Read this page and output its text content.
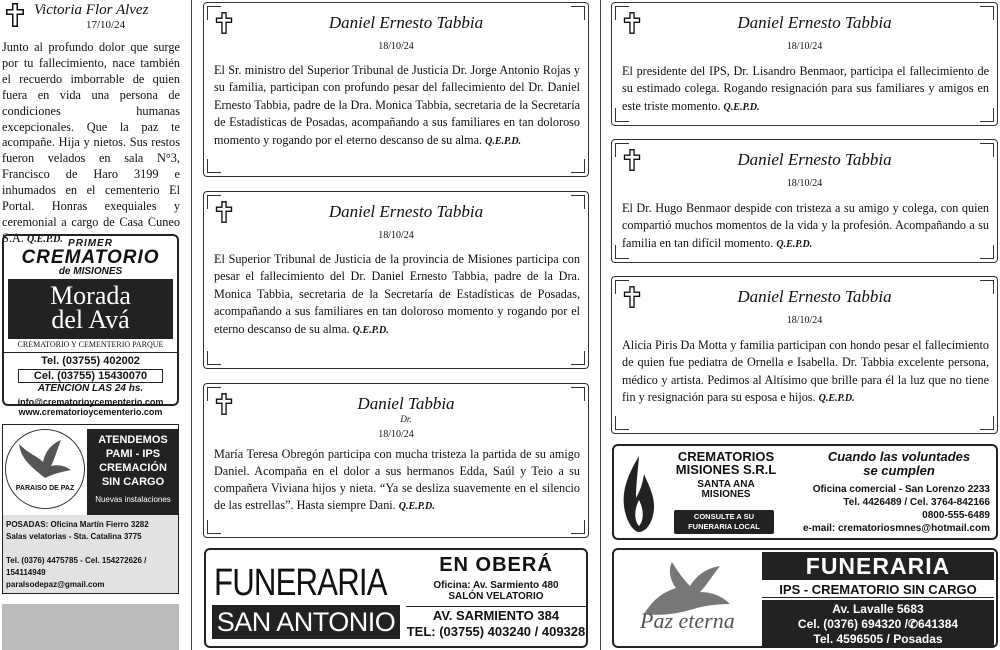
Victoria Flor Alvez
17/10/24
Junto al profundo dolor que surge por tu fallecimiento, nace también el recuerdo imborrable de quien fuera en vida una persona de condiciones humanas excepcionales. Que la paz te acompañe. Hija y nietos. Sus restos fueron velados en sala N°3, Francisco de Haro 3199 e inhumados en el cementerio El Portal. Honras exequiales y ceremonial a cargo de Casa Cuneo S.A. Q.E.P.D. PRIMER
CREMATORIO
de MISIONES
Morada
del Avá
CREMATORIO Y CEMENTERIO PARQUE
Tel. (03755) 402002
Cel. (03755) 15430070
ATENCIÓN LAS 24 hs.
info@crematorioycementerio.com
www.crematorioycementerio.com
PARAISO DE PAZ
ATENDEMOS
PAMI - IPS
CREMACIÓN
SIN CARGO
Nuevas instalaciones
POSADAS: Oficina Martín Fierro 3282
Salas velatorias - Sta. Catalina 3775
Tel. (0376) 4475785 - Cel. 154272626 / 154114949
paralsodepaz@gmail.com
Daniel Ernesto Tabbia
18/10/24
El Sr. ministro del Superior Tribunal de Justicia Dr. Jorge Antonio Rojas y su familia, participan con profundo pesar del fallecimiento del Dr. Daniel Ernesto Tabbia, padre de la Dra. Monica Tabbia, secretaria de la Secretaría de Estadísticas de Posadas, acompañando a sus familiares en tan doloroso momento y rogando por el eterno descanso de su alma. Q.E.P.D.
Daniel Ernesto Tabbia
18/10/24
El Superior Tribunal de Justicia de la provincia de Misiones participa con pesar el fallecimiento del Dr. Daniel Ernesto Tabbia, padre de la Dra. Monica Tabbia, secretaria de la Secretaría de Estadísticas de Posadas, acompañando a sus familiares en tan doloroso momento y rogando por el eterno descanso de su alma. Q.E.P.D.
Daniel Tabbia
Dr.
18/10/24
María Teresa Obregón participa con mucha tristeza la partida de su amigo Daniel. Acompaña en el dolor a sus hermanos Edda, Saúl y Teio a su compañera Viviana hijos y nieta. “Ya se desliza suavemente en el silencio de las estrellas”. Hasta siempre Dani. Q.E.P.D.
FUNERARIA
SAN ANTONIO
EN OBERÁ
Oficina: Av. Sarmiento 480
SALÓN VELATORIO
AV. SARMIENTO 384
TEL: (03755) 403240 / 409328
Daniel Ernesto Tabbia
18/10/24
El presidente del IPS, Dr. Lisandro Benmaor, participa el fallecimiento de su estimado colega. Rogando resignación para sus familiares y amigos en este triste momento. Q.E.P.D.
Daniel Ernesto Tabbia
18/10/24
El Dr. Hugo Benmaor despide con tristeza a su amigo y colega, con quien compartió muchos momentos de la vida y la profesión. Acompañando a su familia en tan difícil momento. Q.E.P.D.
Daniel Ernesto Tabbia
18/10/24
Alicia Piris Da Motta y familia participan con hondo pesar el fallecimiento de quien fue pediatra de Ornella e Isabella. Dr. Tabbia excelente persona, médico y artista. Pedimos al Altísimo que brille para él la luz que no tiene fin y resignación para su esposa e hijos. Q.E.P.D.
CREMATORIOS
MISIONES S.R.L
SANTA ANA
MISIONES
CONSULTE A SU FUNERARIA LOCAL
Cuando las voluntades
se cumplen
Oficina comercial - San Lorenzo 2233
Tel. 4426489 / Cel. 3764-842166
0800-555-6489
e-mail: crematoriosmnes@hotmail.com
Paz eterna
FUNERARIA
IPS - CREMATORIO SIN CARGO
Av. Lavalle 5683
Cel. (0376) 694320 /✆641384
Tel. 4596505 / Posadas
